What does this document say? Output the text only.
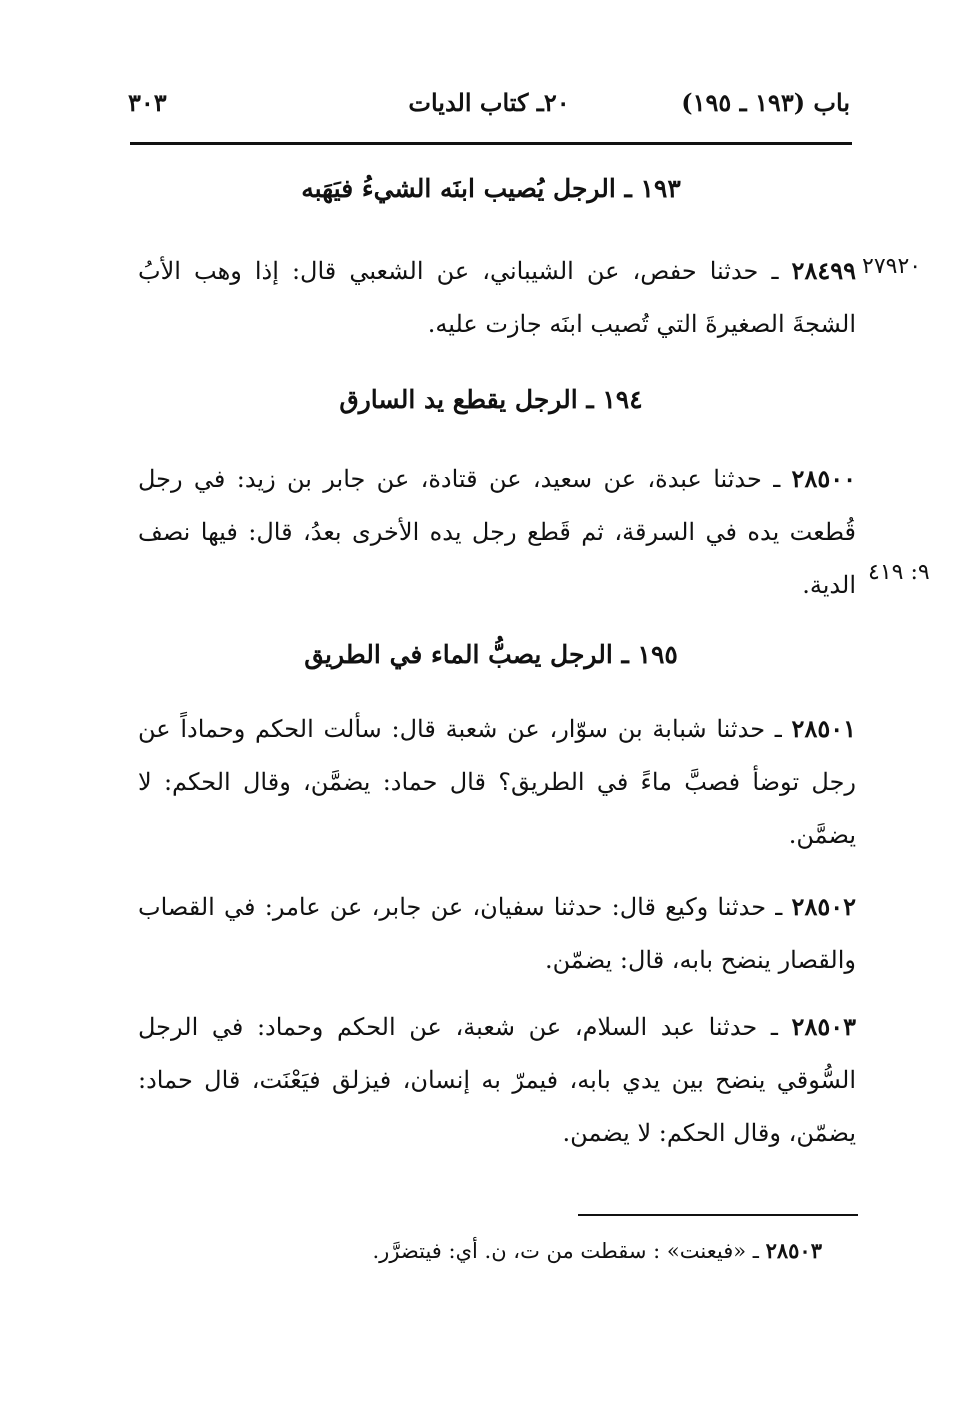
باب (١٩٣ ـ ١٩٥)
٢٠ـ كتاب الديات
٣٠٣
١٩٣ ـ الرجل يُصيب ابنَه الشيءُ فيَهَبه
٢٧٩٢٠
٢٨٤٩٩ ـ حدثنا حفص، عن الشيباني، عن الشعبي قال: إذا وهب الأبُ الشجةَ الصغيرةَ التي تُصيب ابنَه جازت عليه.
١٩٤ ـ الرجل يقطع يد السارق
٢٨٥٠٠ ـ حدثنا عبدة، عن سعيد، عن قتادة، عن جابر بن زيد: في رجل قُطعت يده في السرقة، ثم قَطع رجل يده الأخرى بعدُ، قال: فيها نصف الدية. ٩: ٤١٩
١٩٥ ـ الرجل يصبُّ الماء في الطريق
٢٨٥٠١ ـ حدثنا شبابة بن سوّار، عن شعبة قال: سألت الحكم وحماداً عن رجل توضأ فصبَّ ماءً في الطريق؟ قال حماد: يضمَّن، وقال الحكم: لا يضمَّن.
٢٨٥٠٢ ـ حدثنا وكيع قال: حدثنا سفيان، عن جابر، عن عامر: في القصاب والقصار ينضح بابه، قال: يضمّن.
٢٨٥٠٣ ـ حدثنا عبد السلام، عن شعبة، عن الحكم وحماد: في الرجل السُّوقي ينضح بين يدي بابه، فيمرّ به إنسان، فيزلق فيَعْنَت، قال حماد: يضمّن، وقال الحكم: لا يضمن.
٢٨٥٠٣ ـ «فيعنت» : سقطت من ت، ن. أي: فيتضرَّر.
